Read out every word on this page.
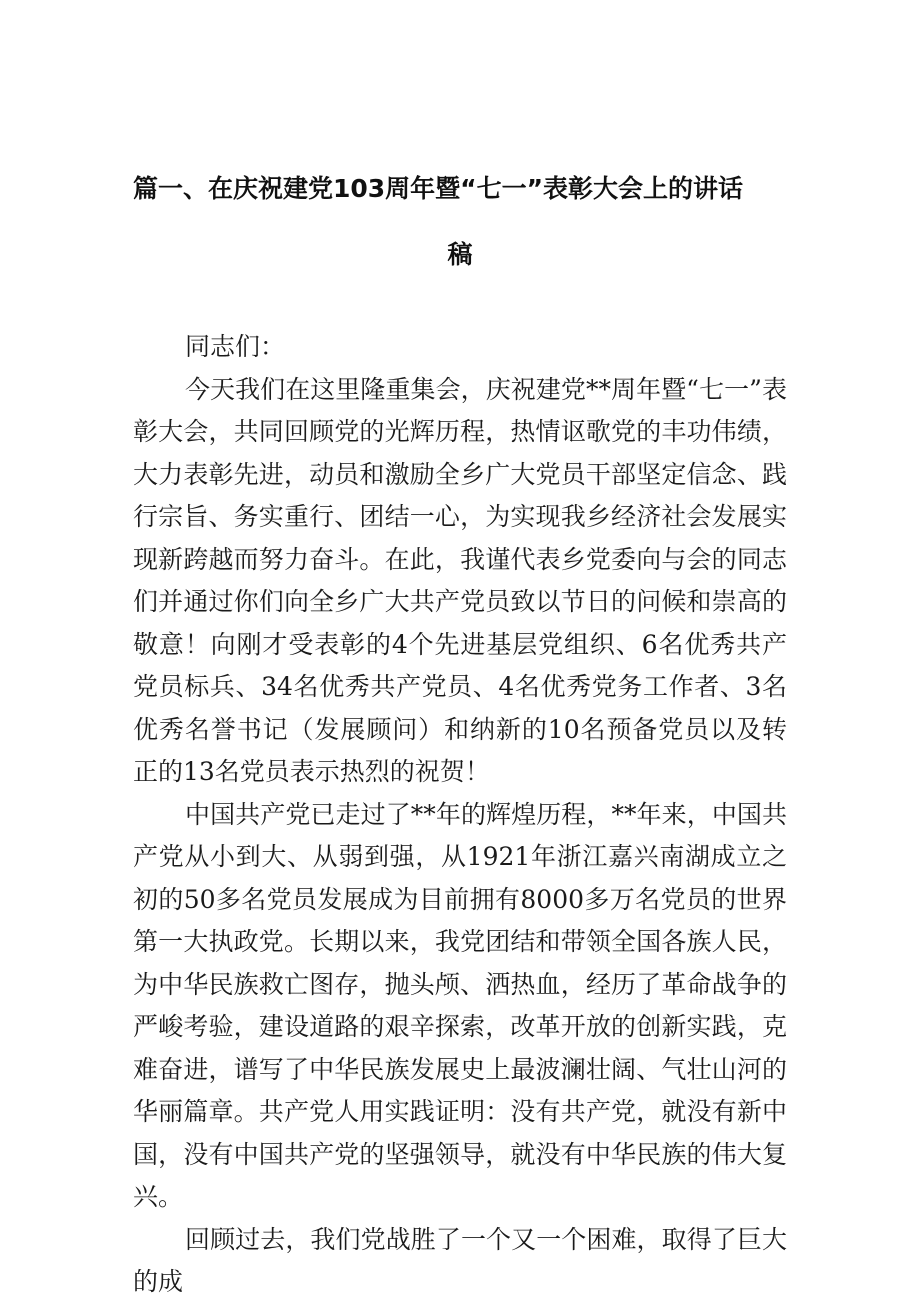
篇一、在庆祝建党103周年暨“七一”表彰大会上的讲话
稿

同志们：

今天我们在这里隆重集会，庆祝建党**周年暨“七一”表彰大会，共同回顾党的光辉历程，热情讴歌党的丰功伟绩，大力表彰先进，动员和激励全乡广大党员干部坚定信念、践行宗旨、务实重行、团结一心，为实现我乡经济社会发展实现新跨越而努力奋斗。在此，我谨代表乡党委向与会的同志们并通过你们向全乡广大共产党员致以节日的问候和崇高的敬意！向刚才受表彰的4个先进基层党组织、6名优秀共产党员标兵、34名优秀共产党员、4名优秀党务工作者、3名优秀名誉书记（发展顾问）和纳新的10名预备党员以及转正的13名党员表示热烈的祝贺！

中国共产党已走过了**年的辉煌历程，**年来，中国共产党从小到大、从弱到强，从1921年浙江嘉兴南湖成立之初的50多名党员发展成为目前拥有8000多万名党员的世界第一大执政党。长期以来，我党团结和带领全国各族人民，为中华民族救亡图存，抛头颅、洒热血，经历了革命战争的严峻考验，建设道路的艰辛探索，改革开放的创新实践，克难奋进，谱写了中华民族发展史上最波澜壮阔、气壮山河的华丽篇章。共产党人用实践证明：没有共产党，就没有新中国，没有中国共产党的坚强领导，就没有中华民族的伟大复兴。

回顾过去，我们党战胜了一个又一个困难，取得了巨大的成
